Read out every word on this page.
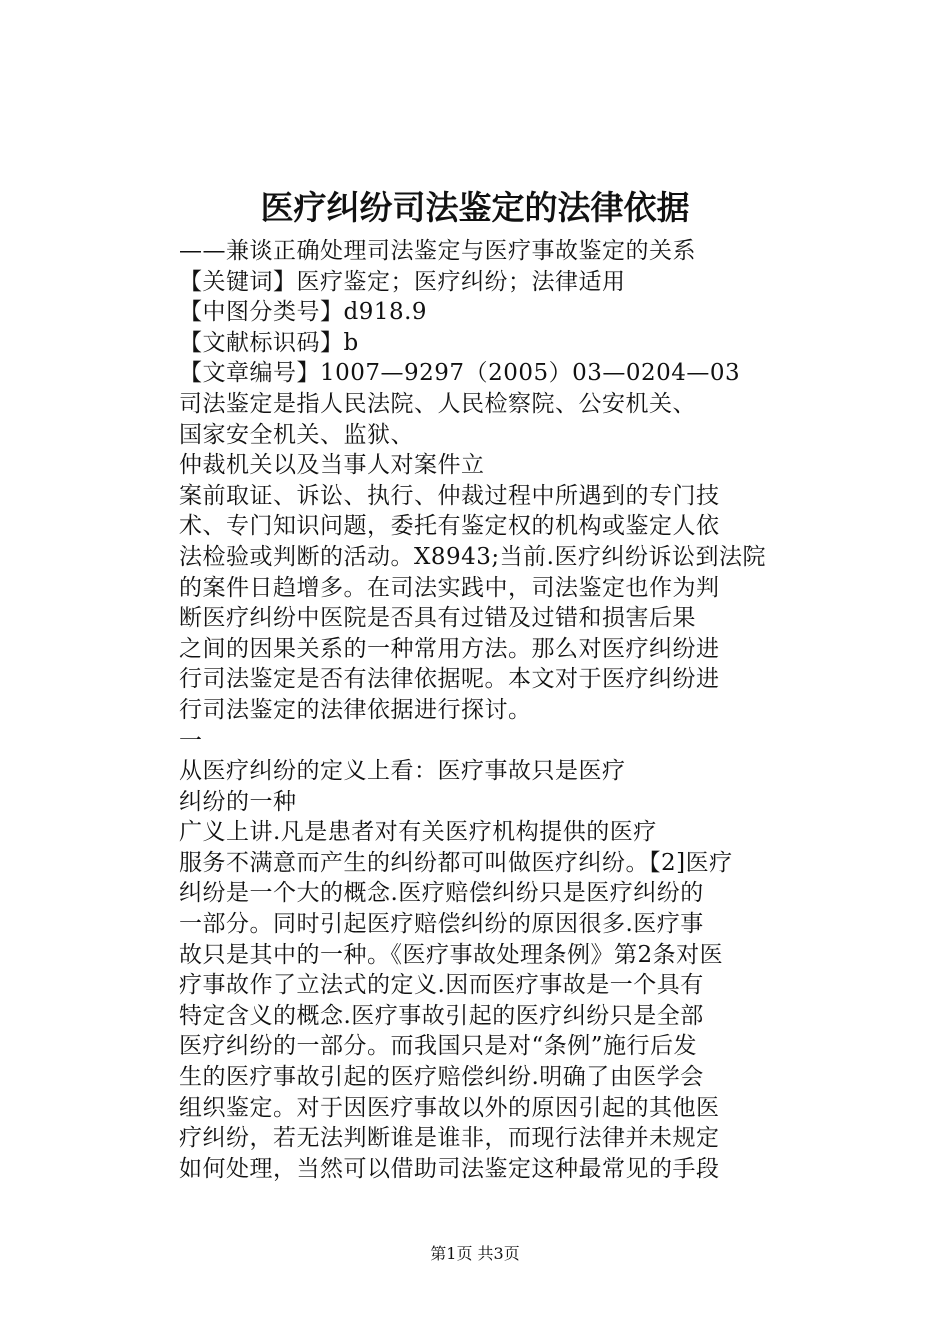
医疗纠纷司法鉴定的法律依据
——兼谈正确处理司法鉴定与医疗事故鉴定的关系
【关键词】医疗鉴定；医疗纠纷；法律适用
【中图分类号】d918.9
【文献标识码】b
【文章编号】1007—9297（2005）03—0204—03
司法鉴定是指人民法院、人民检察院、公安机关、
国家安全机关、监狱、
仲裁机关以及当事人对案件立
案前取证、诉讼、执行、仲裁过程中所遇到的专门技
术、专门知识问题，委托有鉴定权的机构或鉴定人依
法检验或判断的活动。X8943;当前.医疗纠纷诉讼到法院
的案件日趋增多。在司法实践中，司法鉴定也作为判
断医疗纠纷中医院是否具有过错及过错和损害后果
之间的因果关系的一种常用方法。那么对医疗纠纷进
行司法鉴定是否有法律依据呢。本文对于医疗纠纷进
行司法鉴定的法律依据进行探讨。
一
从医疗纠纷的定义上看：医疗事故只是医疗
纠纷的一种
广义上讲.凡是患者对有关医疗机构提供的医疗
服务不满意而产生的纠纷都可叫做医疗纠纷。【2]医疗
纠纷是一个大的概念.医疗赔偿纠纷只是医疗纠纷的
一部分。同时引起医疗赔偿纠纷的原因很多.医疗事
故只是其中的一种。《医疗事故处理条例》第2条对医
疗事故作了立法式的定义.因而医疗事故是一个具有
特定含义的概念.医疗事故引起的医疗纠纷只是全部
医疗纠纷的一部分。而我国只是对“条例”施行后发
生的医疗事故引起的医疗赔偿纠纷.明确了由医学会
组织鉴定。对于因医疗事故以外的原因引起的其他医
疗纠纷，若无法判断谁是谁非，而现行法律并未规定
如何处理，当然可以借助司法鉴定这种最常见的手段
第1页 共3页
